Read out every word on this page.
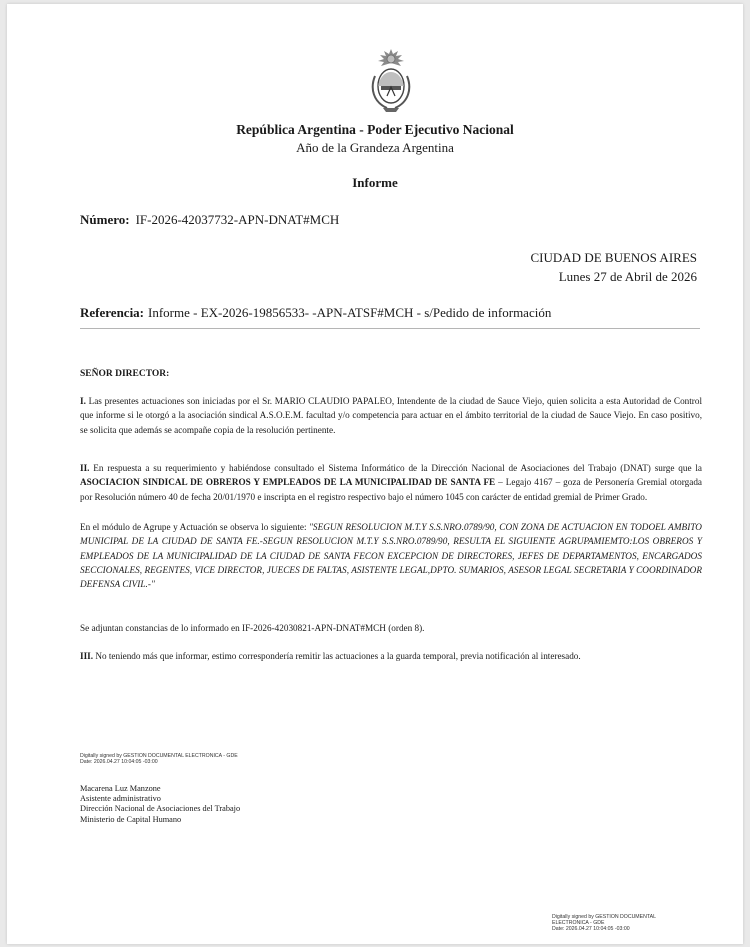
República Argentina - Poder Ejecutivo Nacional
Año de la Grandeza Argentina
Informe
Número: IF-2026-42037732-APN-DNAT#MCH
CIUDAD DE BUENOS AIRES
Lunes 27 de Abril de 2026
Referencia: Informe - EX-2026-19856533- -APN-ATSF#MCH - s/Pedido de información
SEÑOR DIRECTOR:
I. Las presentes actuaciones son iniciadas por el Sr. MARIO CLAUDIO PAPALEO, Intendente de la ciudad de Sauce Viejo, quien solicita a esta Autoridad de Control que informe si le otorgó a la asociación sindical A.S.O.E.M. facultad y/o competencia para actuar en el ámbito territorial de la ciudad de Sauce Viejo. En caso positivo, se solicita que además se acompañe copia de la resolución pertinente.
II. En respuesta a su requerimiento y habiéndose consultado el Sistema Informático de la Dirección Nacional de Asociaciones del Trabajo (DNAT) surge que la ASOCIACION SINDICAL DE OBREROS Y EMPLEADOS DE LA MUNICIPALIDAD DE SANTA FE – Legajo 4167 – goza de Personería Gremial otorgada por Resolución número 40 de fecha 20/01/1970 e inscripta en el registro respectivo bajo el número 1045 con carácter de entidad gremial de Primer Grado.
En el módulo de Agrupe y Actuación se observa lo siguiente: "SEGUN RESOLUCION M.T.Y S.S.NRO.0789/90, CON ZONA DE ACTUACION EN TODOEL AMBITO MUNICIPAL DE LA CIUDAD DE SANTA FE.-SEGUN RESOLUCION M.T.Y S.S.NRO.0789/90, RESULTA EL SIGUIENTE AGRUPAMIEMTO:LOS OBREROS Y EMPLEADOS DE LA MUNICIPALIDAD DE LA CIUDAD DE SANTA FECON EXCEPCION DE DIRECTORES, JEFES DE DEPARTAMENTOS, ENCARGADOS SECCIONALES, REGENTES, VICE DIRECTOR, JUECES DE FALTAS, ASISTENTE LEGAL,DPTO. SUMARIOS, ASESOR LEGAL SECRETARIA Y COORDINADOR DEFENSA CIVIL.-"
Se adjuntan constancias de lo informado en IF-2026-42030821-APN-DNAT#MCH (orden 8).
III. No teniendo más que informar, estimo correspondería remitir las actuaciones a la guarda temporal, previa notificación al interesado.
Digitally signed by GESTION DOCUMENTAL ELECTRONICA - GDE
Date: 2026.04.27 10:04:05 -03:00
Macarena Luz Manzone
Asistente administrativo
Dirección Nacional de Asociaciones del Trabajo
Ministerio de Capital Humano
Digitally signed by GESTION DOCUMENTAL
ELECTRONICA - GDE
Date: 2026.04.27 10:04:05 -03:00
